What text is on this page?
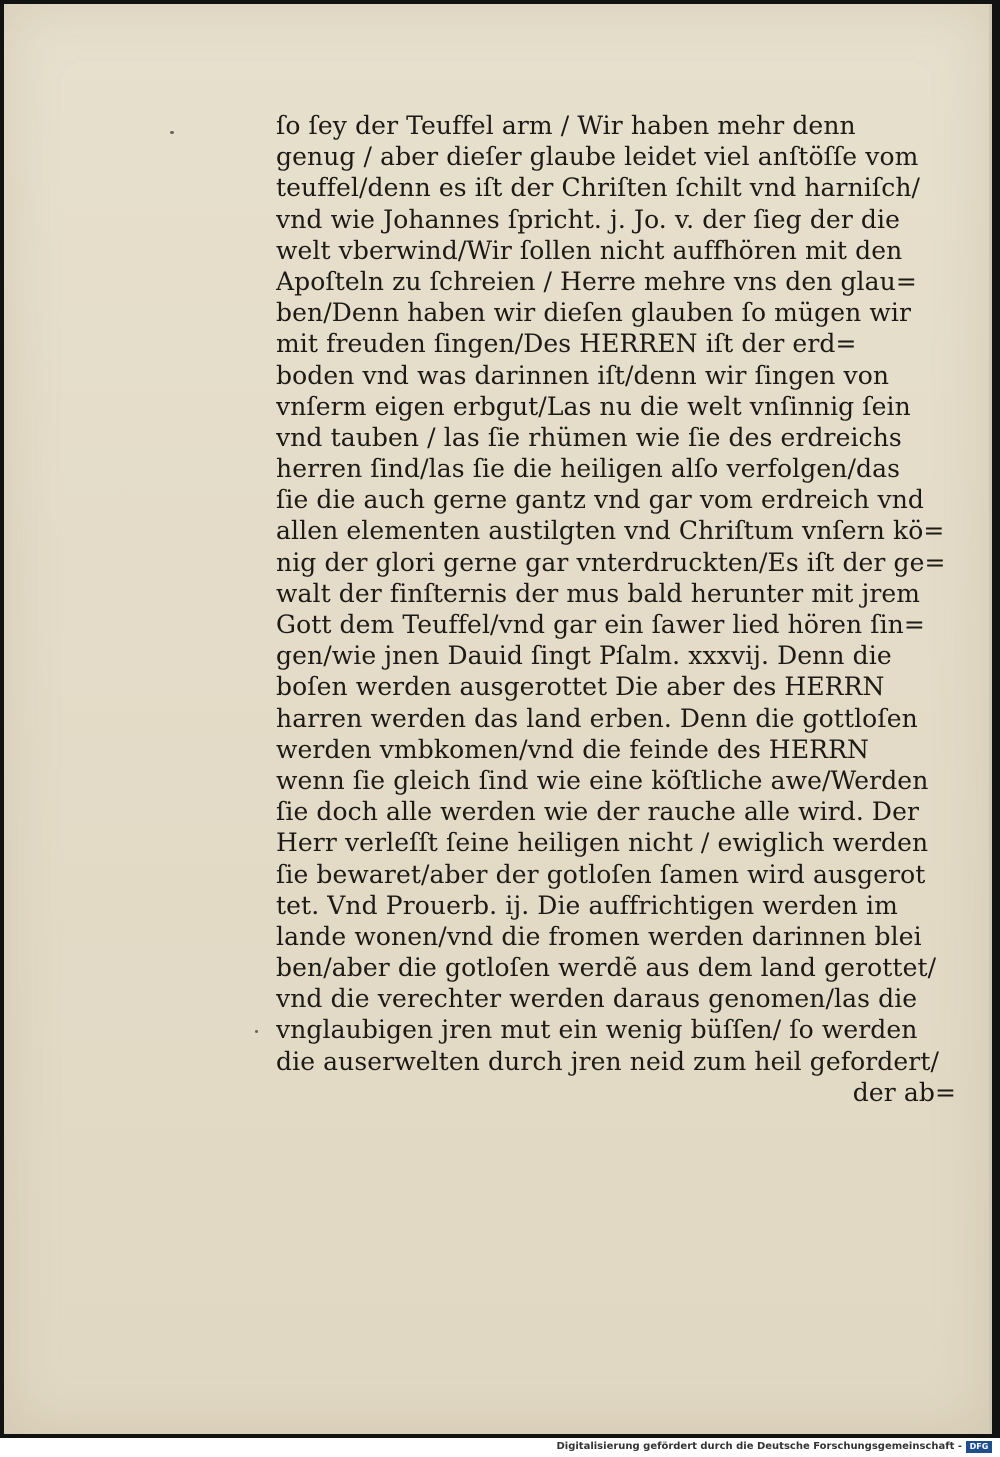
ſo ſey der Teuffel arm / Wir haben mehr denn
genug / aber dieſer glaube leidet viel anſtöſſe vom
teuffel/denn es iſt der Chriſten ſchilt vnd harniſch/
vnd wie Johannes ſpricht. j. Jo. v. der ſieg der die
welt vberwind/Wir ſollen nicht auffhören mit den
Apoſteln zu ſchreien / Herre mehre vns den glau=
ben/Denn haben wir dieſen glauben ſo mügen wir
mit freuden ſingen/Des HERREN iſt der erd=
boden vnd was darinnen iſt/denn wir ſingen von
vnſerm eigen erbgut/Las nu die welt vnſinnig ſein
vnd tauben / las ſie rhümen wie ſie des erdreichs
herren ſind/las ſie die heiligen alſo verfolgen/das
ſie die auch gerne gantz vnd gar vom erdreich vnd
allen elementen austilgten vnd Chriſtum vnſern kö=
nig der glori gerne gar vnterdruckten/Es iſt der ge=
walt der finſternis der mus bald herunter mit jrem
Gott dem Teuffel/vnd gar ein ſawer lied hören ſin=
gen/wie jnen Dauid ſingt Pſalm. xxxvij. Denn die
boſen werden ausgerottet Die aber des HERRN
harren werden das land erben. Denn die gottloſen
werden vmbkomen/vnd die feinde des HERRN
wenn ſie gleich ſind wie eine köſtliche awe/Werden
ſie doch alle werden wie der rauche alle wird. Der
Herr verleſſt ſeine heiligen nicht / ewiglich werden
ſie bewaret/aber der gotloſen ſamen wird ausgerot
tet. Vnd Prouerb. ij. Die auffrichtigen werden im
lande wonen/vnd die fromen werden darinnen blei
ben/aber die gotloſen werdẽ aus dem land gerottet/
vnd die verechter werden daraus genomen/las die
vnglaubigen jren mut ein wenig büſſen/ ſo werden
die auserwelten durch jren neid zum heil gefordert/
der ab=
Digitalisierung gefördert durch die Deutsche Forschungsgemeinschaft - DFG
